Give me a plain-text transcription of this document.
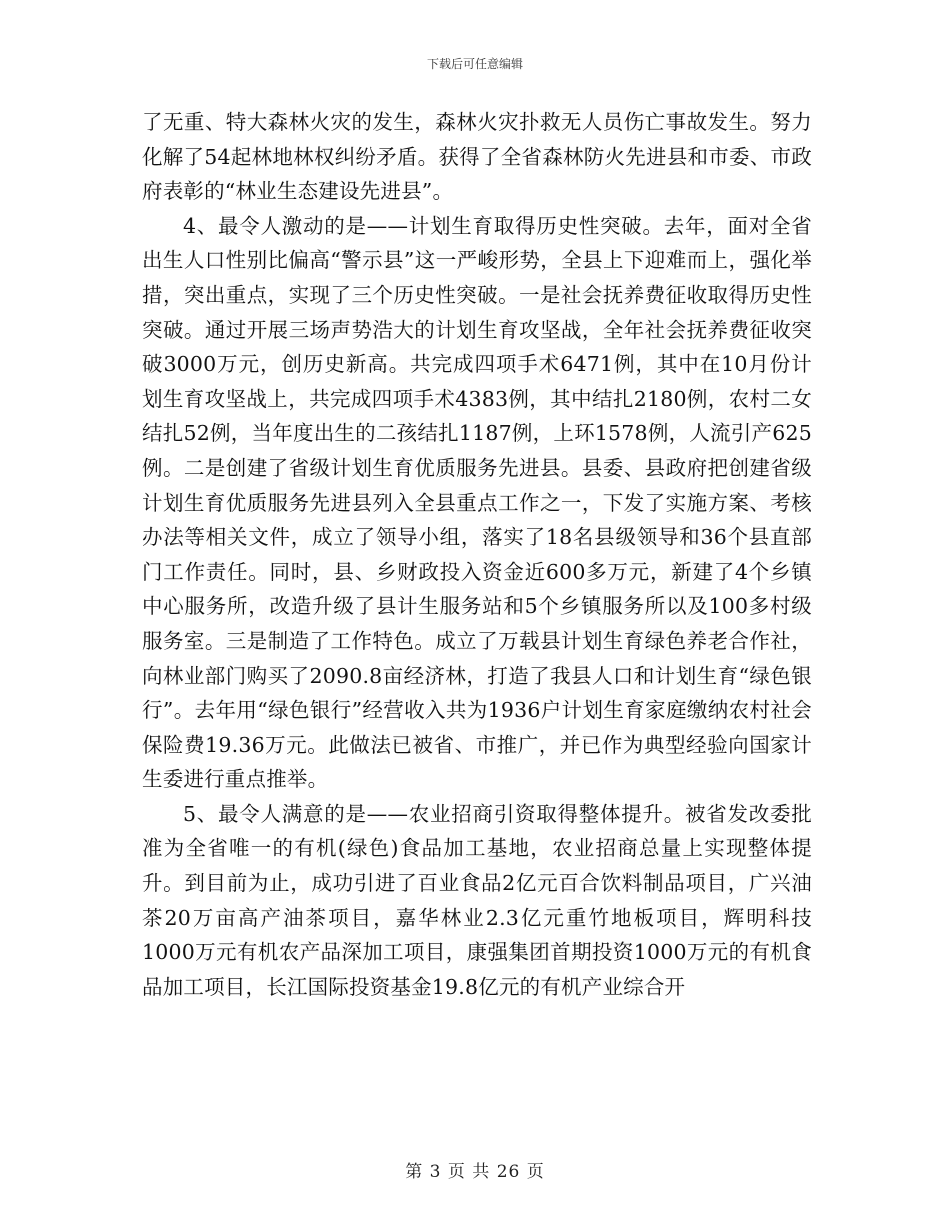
下载后可任意编辑

了无重、特大森林火灾的发生，森林火灾扑救无人员伤亡事故发生。努力化解了54起林地林权纠纷矛盾。获得了全省森林防火先进县和市委、市政府表彰的“林业生态建设先进县”。

4、最令人激动的是——计划生育取得历史性突破。去年，面对全省出生人口性别比偏高“警示县”这一严峻形势，全县上下迎难而上，强化举措，突出重点，实现了三个历史性突破。一是社会抚养费征收取得历史性突破。通过开展三场声势浩大的计划生育攻坚战，全年社会抚养费征收突破3000万元，创历史新高。共完成四项手术6471例，其中在10月份计划生育攻坚战上，共完成四项手术4383例，其中结扎2180例，农村二女结扎52例，当年度出生的二孩结扎1187例，上环1578例，人流引产625例。二是创建了省级计划生育优质服务先进县。县委、县政府把创建省级计划生育优质服务先进县列入全县重点工作之一，下发了实施方案、考核办法等相关文件，成立了领导小组，落实了18名县级领导和36个县直部门工作责任。同时，县、乡财政投入资金近600多万元，新建了4个乡镇中心服务所，改造升级了县计生服务站和5个乡镇服务所以及100多村级服务室。三是制造了工作特色。成立了万载县计划生育绿色养老合作社，向林业部门购买了2090.8亩经济林，打造了我县人口和计划生育“绿色银行”。去年用“绿色银行”经营收入共为1936户计划生育家庭缴纳农村社会保险费19.36万元。此做法已被省、市推广，并已作为典型经验向国家计生委进行重点推举。

5、最令人满意的是——农业招商引资取得整体提升。被省发改委批准为全省唯一的有机(绿色)食品加工基地，农业招商总量上实现整体提升。到目前为止，成功引进了百业食品2亿元百合饮料制品项目，广兴油茶20万亩高产油茶项目，嘉华林业2.3亿元重竹地板项目，辉明科技1000万元有机农产品深加工项目，康强集团首期投资1000万元的有机食品加工项目，长江国际投资基金19.8亿元的有机产业综合开

第 3 页 共 26 页
